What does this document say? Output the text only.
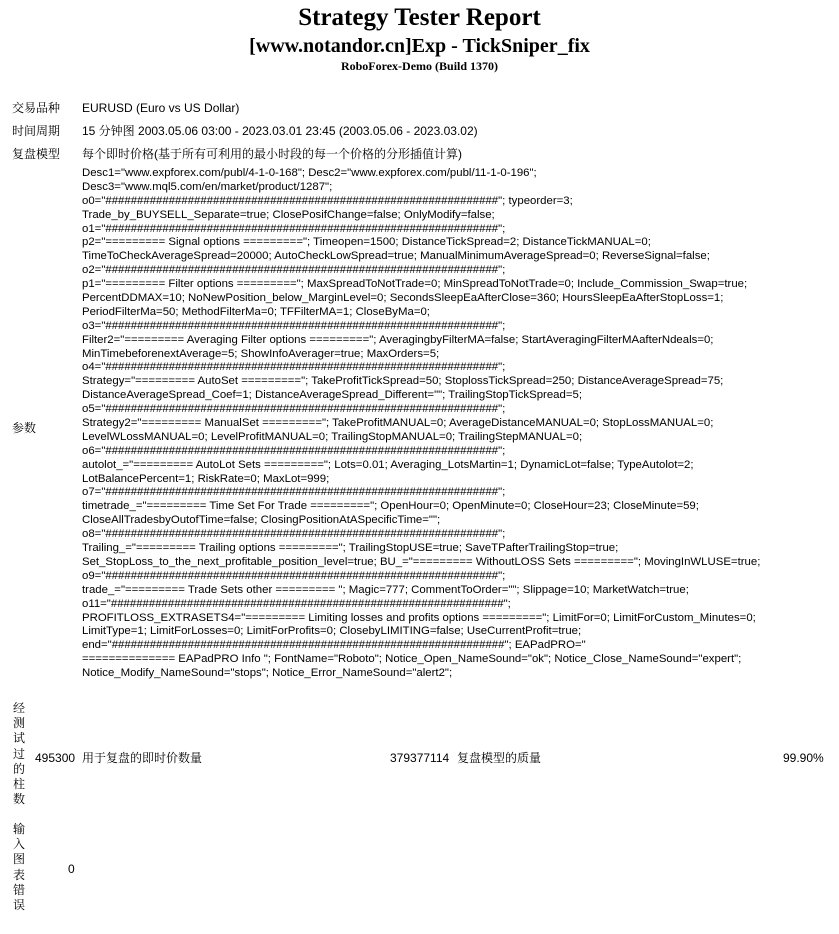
Strategy Tester Report
[www.notandor.cn]Exp - TickSniper_fix
RoboForex-Demo (Build 1370)
交易品种 EURUSD (Euro vs US Dollar)
时间周期 15 分钟图 2003.05.06 03:00 - 2023.03.01 23:45 (2003.05.06 - 2023.03.02)
复盘模型 每个即时价格(基于所有可利用的最小时段的每一个价格的分形插值计算)
参数
Desc1="www.expforex.com/publ/4-1-0-168"; Desc2="www.expforex.com/publ/11-1-0-196";
Desc3="www.mql5.com/en/market/product/1287";
o0="##############################################################"; typeorder=3;
Trade_by_BUYSELL_Separate=true; ClosePosifChange=false; OnlyModify=false;
o1="##############################################################";
p2="========= Signal options ========="; Timeopen=1500; DistanceTickSpread=2; DistanceTickMANUAL=0;
TimeToCheckAverageSpread=20000; AutoCheckLowSpread=true; ManualMinimumAverageSpread=0; ReverseSignal=false;
o2="##############################################################";
p1="========= Filter options ========="; MaxSpreadToNotTrade=0; MinSpreadToNotTrade=0; Include_Commission_Swap=true;
PercentDDMAX=10; NoNewPosition_below_MarginLevel=0; SecondsSleepEaAfterClose=360; HoursSleepEaAfterStopLoss=1;
PeriodFilterMa=50; MethodFilterMa=0; TFFilterMA=1; CloseByMa=0;
o3="##############################################################";
Filter2="========= Averaging Filter options ========="; AveragingbyFilterMA=false; StartAveragingFilterMAafterNdeals=0;
MinTimebeforenextAverage=5; ShowInfoAverager=true; MaxOrders=5;
o4="##############################################################";
Strategy="========= AutoSet ========="; TakeProfitTickSpread=50; StoplossTickSpread=250; DistanceAverageSpread=75;
DistanceAverageSpread_Coef=1; DistanceAverageSpread_Different=""; TrailingStopTickSpread=5;
o5="##############################################################";
Strategy2="========= ManualSet ========="; TakeProfitMANUAL=0; AverageDistanceMANUAL=0; StopLossMANUAL=0;
LevelWLossMANUAL=0; LevelProfitMANUAL=0; TrailingStopMANUAL=0; TrailingStepMANUAL=0;
o6="##############################################################";
autolot_="========= AutoLot Sets ========="; Lots=0.01; Averaging_LotsMartin=1; DynamicLot=false; TypeAutolot=2;
LotBalancePercent=1; RiskRate=0; MaxLot=999;
o7="##############################################################";
timetrade_="========= Time Set For Trade ========="; OpenHour=0; OpenMinute=0; CloseHour=23; CloseMinute=59;
CloseAllTradesbyOutofTime=false; ClosingPositionAtASpecificTime="";
o8="##############################################################";
Trailing_="========= Trailing options ========="; TrailingStopUSE=true; SaveTPafterTrailingStop=true;
Set_StopLoss_to_the_next_profitable_position_level=true; BU_="========= WithoutLOSS Sets ========="; MovingInWLUSE=true;
o9="##############################################################";
trade_="========= Trade Sets other ========= "; Magic=777; CommentToOrder=""; Slippage=10; MarketWatch=true;
o11="##############################################################";
PROFITLOSS_EXTRASETS4="========= Limiting losses and profits options ========="; LimitFor=0; LimitForCustom_Minutes=0;
LimitType=1; LimitForLosses=0; LimitForProfits=0; ClosebyLIMITING=false; UseCurrentProfit=true;
end="##############################################################"; EAPadPRO="
============== EAPadPRO Info "; FontName="Roboto"; Notice_Open_NameSound="ok"; Notice_Close_NameSound="expert";
Notice_Modify_NameSound="stops"; Notice_Error_NameSound="alert2";
经
测
试
过
的
柱
数
495300 用于复盘的即时价数量	379377114 复盘模型的质量	99.90%
输
入
图
表
错
误
0
